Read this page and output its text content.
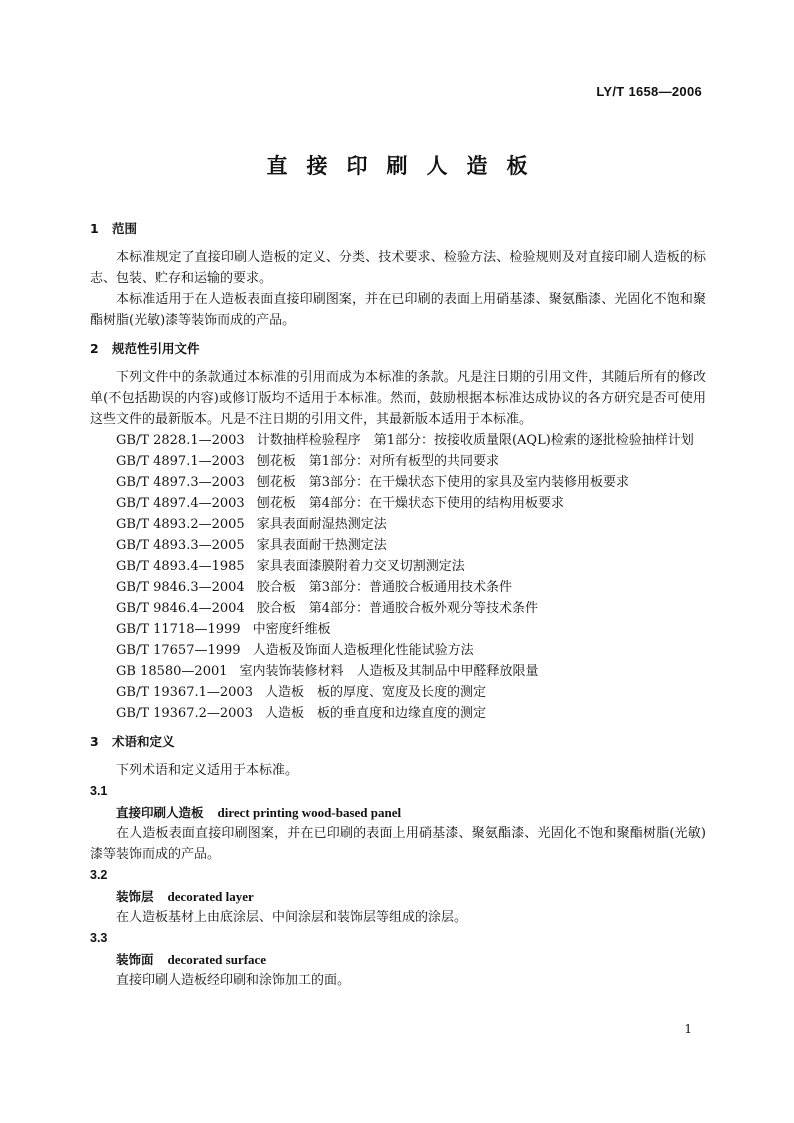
LY/T 1658—2006
直接印刷人造板

1 范围

本标准规定了直接印刷人造板的定义、分类、技术要求、检验方法、检验规则及对直接印刷人造板的标志、包装、贮存和运输的要求。

本标准适用于在人造板表面直接印刷图案，并在已印刷的表面上用硝基漆、聚氨酯漆、光固化不饱和聚酯树脂(光敏)漆等装饰而成的产品。

2 规范性引用文件

下列文件中的条款通过本标准的引用而成为本标准的条款。凡是注日期的引用文件，其随后所有的修改单(不包括勘误的内容)或修订版均不适用于本标准。然而，鼓励根据本标准达成协议的各方研究是否可使用这些文件的最新版本。凡是不注日期的引用文件，其最新版本适用于本标准。

GB/T 2828.1—2003 计数抽样检验程序　第1部分：按接收质量限(AQL)检索的逐批检验抽样计划

GB/T 4897.1—2003 刨花板　第1部分：对所有板型的共同要求

GB/T 4897.3—2003 刨花板　第3部分：在干燥状态下使用的家具及室内装修用板要求

GB/T 4897.4—2003 刨花板　第4部分：在干燥状态下使用的结构用板要求

GB/T 4893.2—2005 家具表面耐湿热测定法

GB/T 4893.3—2005 家具表面耐干热测定法

GB/T 4893.4—1985 家具表面漆膜附着力交叉切割测定法

GB/T 9846.3—2004 胶合板　第3部分：普通胶合板通用技术条件

GB/T 9846.4—2004 胶合板　第4部分：普通胶合板外观分等技术条件

GB/T 11718—1999 中密度纤维板

GB/T 17657—1999 人造板及饰面人造板理化性能试验方法

GB 18580—2001 室内装饰装修材料　人造板及其制品中甲醛释放限量

GB/T 19367.1—2003 人造板　板的厚度、宽度及长度的测定

GB/T 19367.2—2003 人造板　板的垂直度和边缘直度的测定

3 术语和定义

下列术语和定义适用于本标准。

3.1

直接印刷人造板 direct printing wood-based panel

在人造板表面直接印刷图案，并在已印刷的表面上用硝基漆、聚氨酯漆、光固化不饱和聚酯树脂(光敏)漆等装饰而成的产品。

3.2

装饰层 decorated layer

在人造板基材上由底涂层、中间涂层和装饰层等组成的涂层。

3.3

装饰面 decorated surface

直接印刷人造板经印刷和涂饰加工的面。

1
